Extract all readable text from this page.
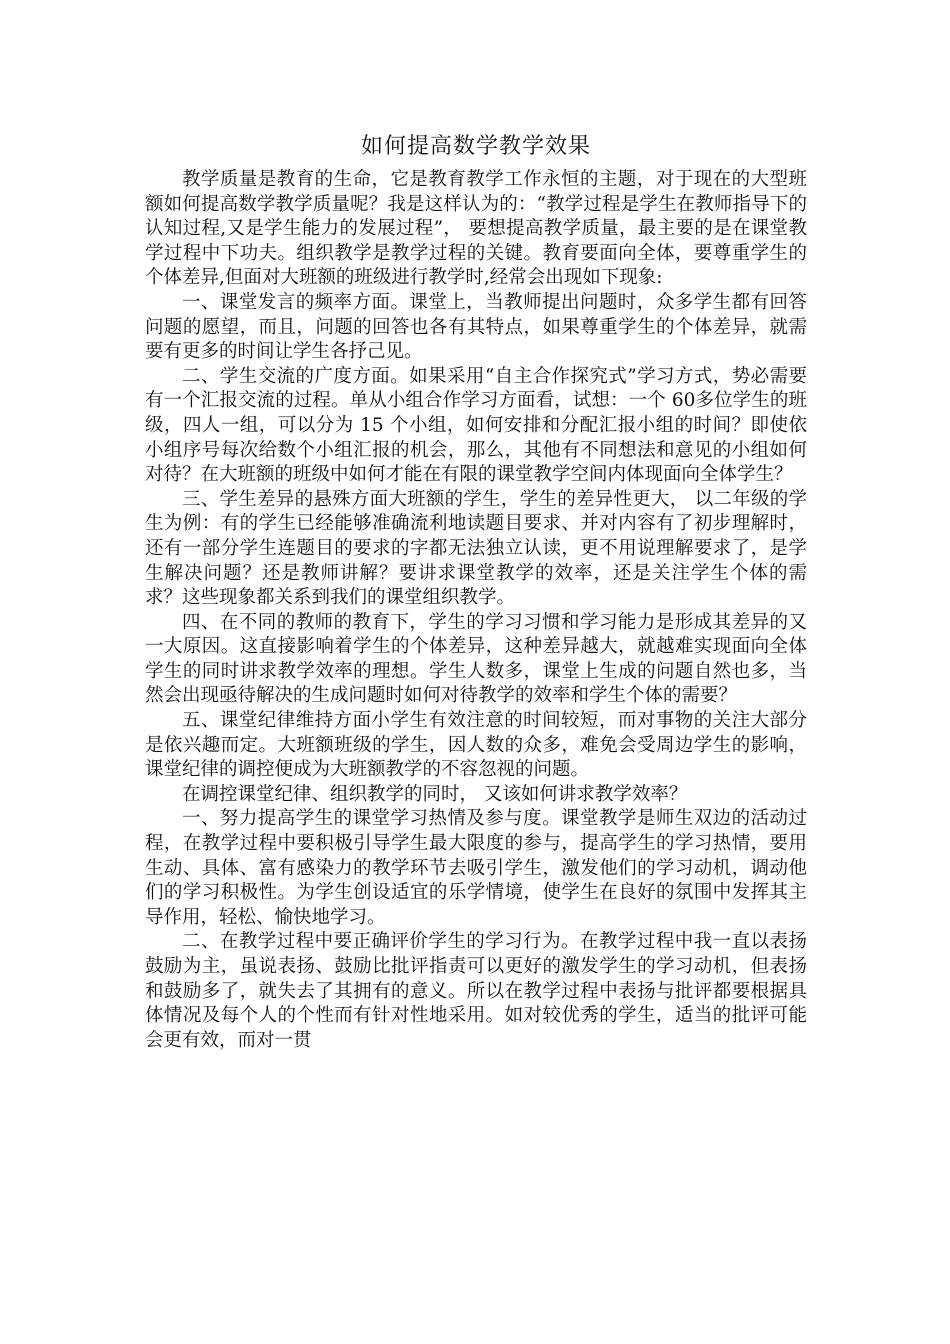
如何提高数学教学效果

教学质量是教育的生命，它是教育教学工作永恒的主题，对于现在的大型班额如何提高数学教学质量呢？我是这样认为的：“教学过程是学生在教师指导下的认知过程,又是学生能力的发展过程”， 要想提高教学质量，最主要的是在课堂教学过程中下功夫。组织教学是教学过程的关键。教育要面向全体，要尊重学生的个体差异,但面对大班额的班级进行教学时,经常会出现如下现象:

一、课堂发言的频率方面。课堂上，当教师提出问题时，众多学生都有回答问题的愿望，而且，问题的回答也各有其特点，如果尊重学生的个体差异，就需要有更多的时间让学生各抒己见。

二、学生交流的广度方面。如果采用“自主合作探究式”学习方式，势必需要有一个汇报交流的过程。单从小组合作学习方面看，试想：一个 60多位学生的班级，四人一组，可以分为 15 个小组，如何安排和分配汇报小组的时间？即使依小组序号每次给数个小组汇报的机会，那么，其他有不同想法和意见的小组如何对待？在大班额的班级中如何才能在有限的课堂教学空间内体现面向全体学生？

三、学生差异的悬殊方面大班额的学生，学生的差异性更大， 以二年级的学生为例：有的学生已经能够准确流利地读题目要求、并对内容有了初步理解时，还有一部分学生连题目的要求的字都无法独立认读，更不用说理解要求了，是学生解决问题？还是教师讲解？要讲求课堂教学的效率，还是关注学生个体的需求？这些现象都关系到我们的课堂组织教学。

四、在不同的教师的教育下，学生的学习习惯和学习能力是形成其差异的又一大原因。这直接影响着学生的个体差异，这种差异越大，就越难实现面向全体学生的同时讲求教学效率的理想。学生人数多，课堂上生成的问题自然也多，当然会出现亟待解决的生成问题时如何对待教学的效率和学生个体的需要？

五、课堂纪律维持方面小学生有效注意的时间较短，而对事物的关注大部分是依兴趣而定。大班额班级的学生，因人数的众多，难免会受周边学生的影响，课堂纪律的调控便成为大班额教学的不容忽视的问题。

在调控课堂纪律、组织教学的同时， 又该如何讲求教学效率？

一、努力提高学生的课堂学习热情及参与度。课堂教学是师生双边的活动过程，在教学过程中要积极引导学生最大限度的参与，提高学生的学习热情，要用生动、具体、富有感染力的教学环节去吸引学生，激发他们的学习动机，调动他们的学习积极性。为学生创设适宜的乐学情境，使学生在良好的氛围中发挥其主导作用，轻松、愉快地学习。

二、在教学过程中要正确评价学生的学习行为。在教学过程中我一直以表扬鼓励为主，虽说表扬、鼓励比批评指责可以更好的激发学生的学习动机，但表扬和鼓励多了，就失去了其拥有的意义。所以在教学过程中表扬与批评都要根据具体情况及每个人的个性而有针对性地采用。如对较优秀的学生，适当的批评可能会更有效，而对一贯
